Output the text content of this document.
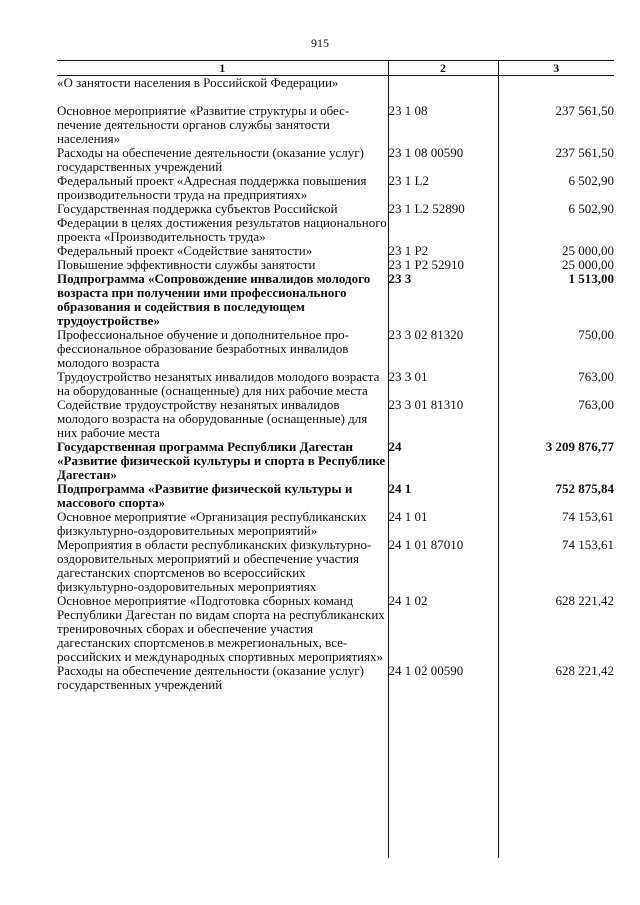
915
1	2	3
«О занятости населения в Российской Федерации»		
Основное мероприятие «Развитие структуры и обеспечение деятельности органов службы занятости населения»	23 1 08	237 561,50
Расходы на обеспечение деятельности (оказание услуг) государственных учреждений	23 1 08 00590	237 561,50
Федеральный проект «Адресная поддержка повышения производительности труда на предприятиях»	23 1 L2	6 502,90
Государственная поддержка субъектов Российской Федерации в целях достижения результатов национального проекта «Производительность труда»	23 1 L2 52890	6 502,90
Федеральный проект «Содействие занятости»	23 1 P2	25 000,00
Повышение эффективности службы занятости	23 1 P2 52910	25 000,00
Подпрограмма «Сопровождение инвалидов молодого возраста при получении ими профессионального образования и содействия в последующем трудоустройстве»	23 3	1 513,00
Профессиональное обучение и дополнительное профессиональное образование безработных инвалидов молодого возраста	23 3 02 81320	750,00
Трудоустройство незанятых инвалидов молодого возраста на оборудованные (оснащенные) для них рабочие места	23 3 01	763,00
Содействие трудоустройству незанятых инвалидов молодого возраста на оборудованные (оснащенные) для них рабочие места	23 3 01 81310	763,00
Государственная программа Республики Дагестан «Развитие физической культуры и спорта в Республике Дагестан»	24	3 209 876,77
Подпрограмма «Развитие физической культуры и массового спорта»	24 1	752 875,84
Основное мероприятие «Организация республиканских физкультурно-оздоровительных мероприятий»	24 1 01	74 153,61
Мероприятия в области республиканских физкультурно-оздоровительных мероприятий и обеспечение участия дагестанских спортсменов во всероссийских физкультурно-оздоровительных мероприятиях	24 1 01 87010	74 153,61
Основное мероприятие «Подготовка сборных команд Республики Дагестан по видам спорта на республиканских тренировочных сборах и обеспечение участия дагестанских спортсменов в межрегиональных, всероссийских и международных спортивных мероприятиях»	24 1 02	628 221,42
Расходы на обеспечение деятельности (оказание услуг) государственных учреждений	24 1 02 00590	628 221,42
